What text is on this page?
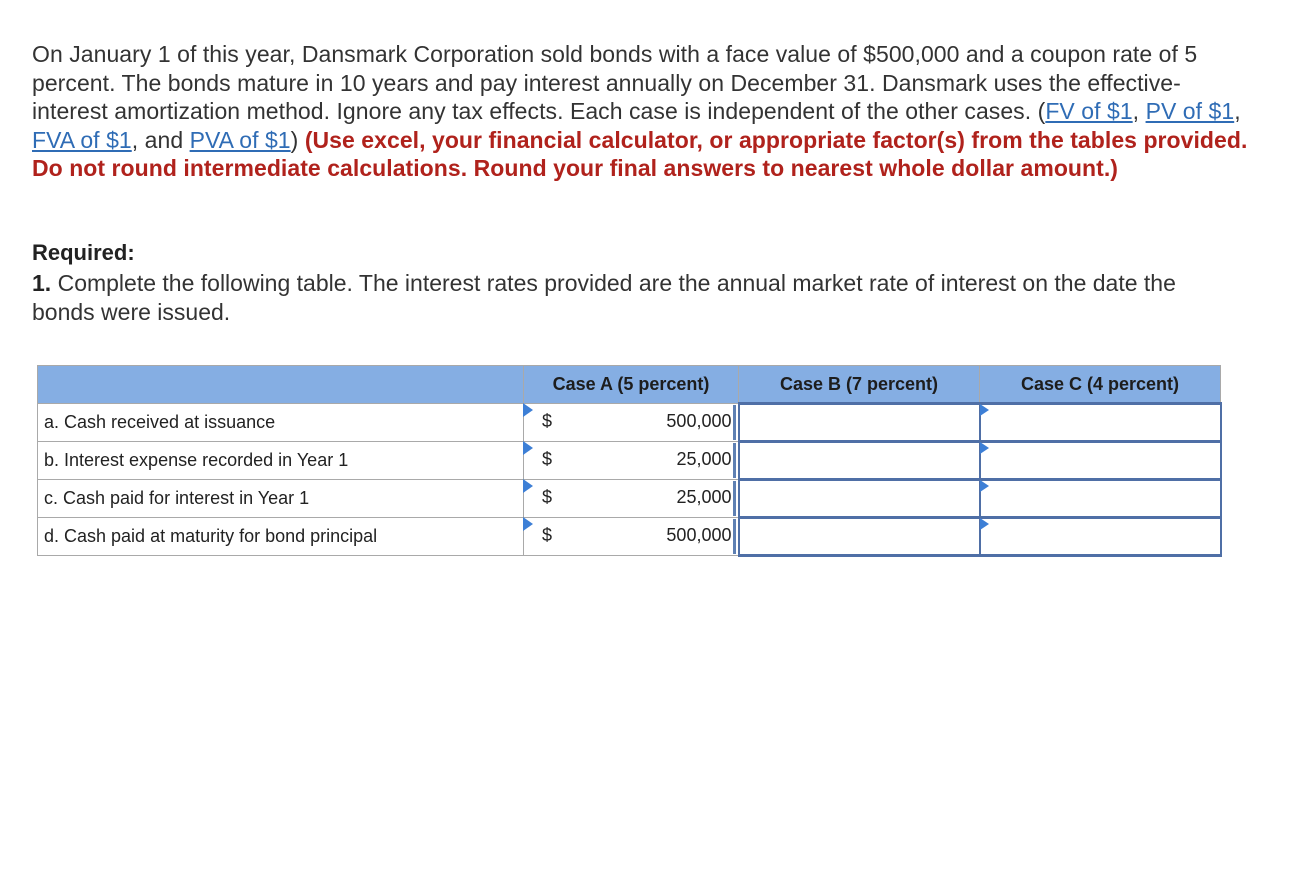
On January 1 of this year, Dansmark Corporation sold bonds with a face value of $500,000 and a coupon rate of 5 percent. The bonds mature in 10 years and pay interest annually on December 31. Dansmark uses the effective-interest amortization method. Ignore any tax effects. Each case is independent of the other cases. (FV of $1, PV of $1, FVA of $1, and PVA of $1) (Use excel, your financial calculator, or appropriate factor(s) from the tables provided. Do not round intermediate calculations. Round your final answers to nearest whole dollar amount.)
Required:
1. Complete the following table. The interest rates provided are the annual market rate of interest on the date the bonds were issued.
	Case A (5 percent)	Case B (7 percent)	Case C (4 percent)
a. Cash received at issuance	$ 500,000		

b. Interest expense recorded in Year 1	$ 25,000		

c. Cash paid for interest in Year 1	$ 25,000		

d. Cash paid at maturity for bond principal	$ 500,000		
